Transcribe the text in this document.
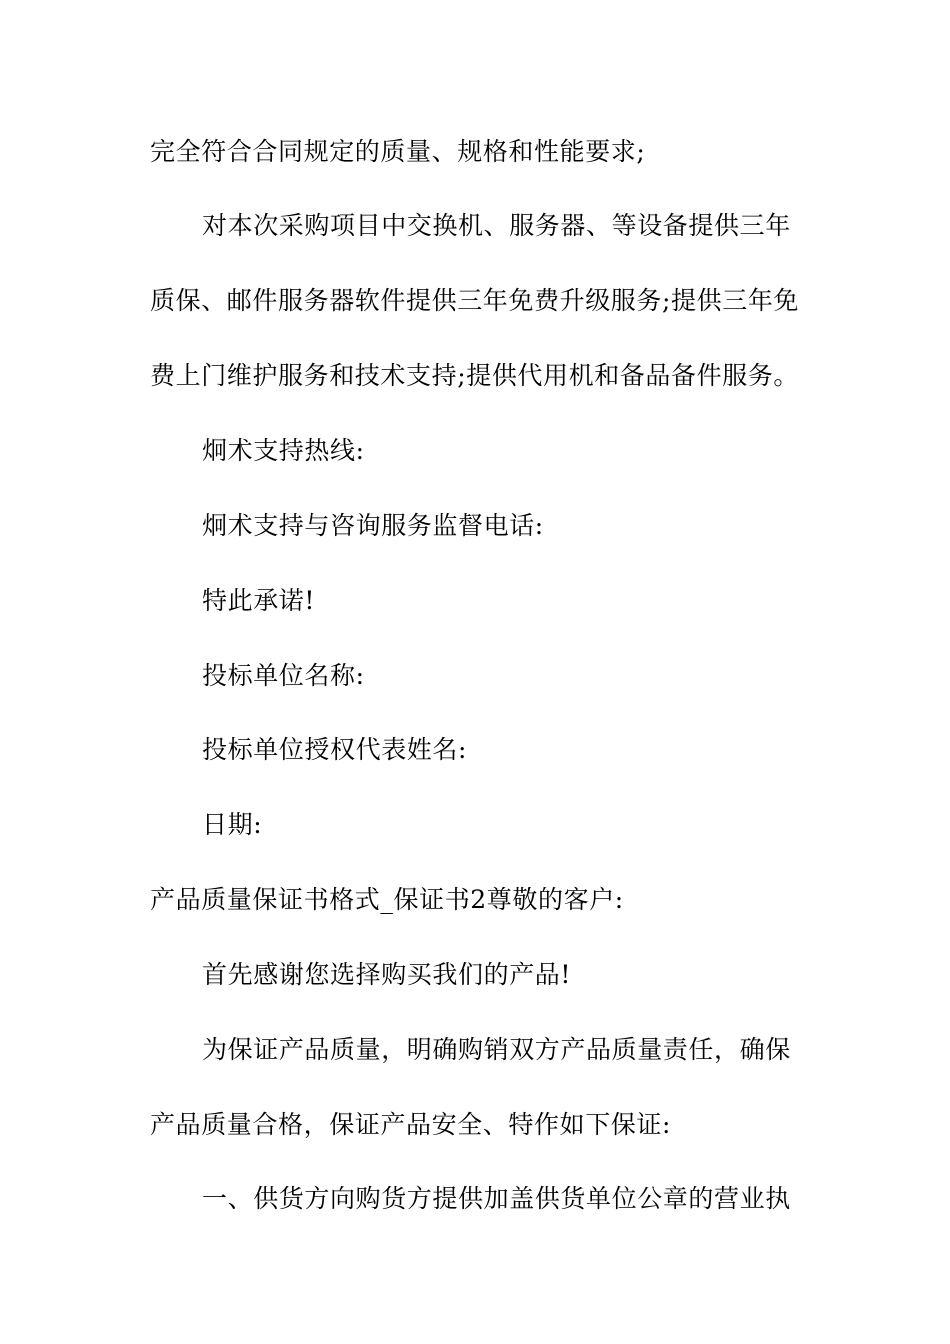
完全符合合同规定的质量、规格和性能要求;
对本次采购项目中交换机、服务器、等设备提供三年
质保、邮件服务器软件提供三年免费升级服务;提供三年免
费上门维护服务和技术支持;提供代用机和备品备件服务。
炯术支持热线:
炯术支持与咨询服务监督电话:
特此承诺!
投标单位名称:
投标单位授权代表姓名:
日期:
产品质量保证书格式_保证书2尊敬的客户:
首先感谢您选择购买我们的产品!
为保证产品质量，明确购销双方产品质量责任，确保
产品质量合格，保证产品安全、特作如下保证:
一、供货方向购货方提供加盖供货单位公章的营业执
